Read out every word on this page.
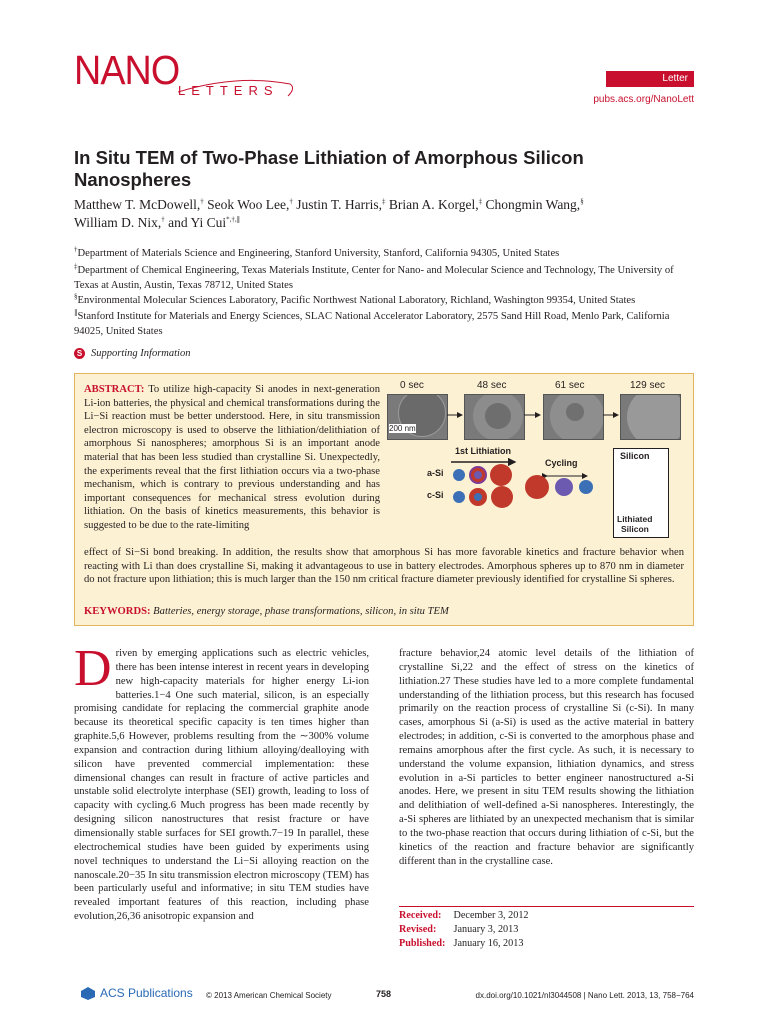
NANO
LETTERS
Letter
pubs.acs.org/NanoLett
In Situ TEM of Two-Phase Lithiation of Amorphous Silicon Nanospheres
Matthew T. McDowell,† Seok Woo Lee,† Justin T. Harris,‡ Brian A. Korgel,‡ Chongmin Wang,§
William D. Nix,† and Yi Cui*,†,∥
†Department of Materials Science and Engineering, Stanford University, Stanford, California 94305, United States
‡Department of Chemical Engineering, Texas Materials Institute, Center for Nano- and Molecular Science and Technology, The University of Texas at Austin, Austin, Texas 78712, United States
§Environmental Molecular Sciences Laboratory, Pacific Northwest National Laboratory, Richland, Washington 99354, United States
∥Stanford Institute for Materials and Energy Sciences, SLAC National Accelerator Laboratory, 2575 Sand Hill Road, Menlo Park, California 94025, United States
S Supporting Information
ABSTRACT: To utilize high-capacity Si anodes in next-generation Li-ion batteries, the physical and chemical transformations during the Li−Si reaction must be better understood. Here, in situ transmission electron microscopy is used to observe the lithiation/delithiation of amorphous Si nanospheres; amorphous Si is an important anode material that has been less studied than crystalline Si. Unexpectedly, the experiments reveal that the first lithiation occurs via a two-phase mechanism, which is contrary to previous understanding and has important consequences for mechanical stress evolution during lithiation. On the basis of kinetics measurements, this behavior is suggested to be due to the rate-limiting
effect of Si−Si bond breaking. In addition, the results show that amorphous Si has more favorable kinetics and fracture behavior when reacting with Li than does crystalline Si, making it advantageous to use in battery electrodes. Amorphous spheres up to 870 nm in diameter do not fracture upon lithiation; this is much larger than the 150 nm critical fracture diameter previously identified for crystalline Si spheres.
0 sec	48 sec	61 sec	129 sec
200 nm
1st Lithiation
Cycling
a-Si
c-Si
Silicon
Lithiated
Silicon
KEYWORDS: Batteries, energy storage, phase transformations, silicon, in situ TEM
Driven by emerging applications such as electric vehicles, there has been intense interest in recent years in developing new high-capacity materials for higher energy Li-ion batteries.1−4 One such material, silicon, is an especially promising candidate for replacing the commercial graphite anode because its theoretical specific capacity is ten times higher than graphite.5,6 However, problems resulting from the ∼300% volume expansion and contraction during lithium alloying/dealloying with silicon have prevented commercial implementation: these dimensional changes can result in fracture of active particles and unstable solid electrolyte interphase (SEI) growth, leading to loss of capacity with cycling.6 Much progress has been made recently by designing silicon nanostructures that resist fracture or have dimensionally stable surfaces for SEI growth.7−19 In parallel, these electrochemical studies have been guided by experiments using novel techniques to understand the Li−Si alloying reaction on the nanoscale.20−35 In situ transmission electron microscopy (TEM) has been particularly useful and informative; in situ TEM studies have revealed important features of this reaction, including phase evolution,26,36 anisotropic expansion and
fracture behavior,24 atomic level details of the lithiation of crystalline Si,22 and the effect of stress on the kinetics of lithiation.27 These studies have led to a more complete fundamental understanding of the lithiation process, but this research has focused primarily on the reaction process of crystalline Si (c-Si). In many cases, amorphous Si (a-Si) is used as the active material in battery electrodes; in addition, c-Si is converted to the amorphous phase and remains amorphous after the first cycle. As such, it is necessary to understand the volume expansion, lithiation dynamics, and stress evolution in a-Si particles to better engineer nanostructured a-Si anodes. Here, we present in situ TEM results showing the lithiation and delithiation of well-defined a-Si nanospheres. Interestingly, the a-Si spheres are lithiated by an unexpected mechanism that is similar to the two-phase reaction that occurs during lithiation of c-Si, but the kinetics of the reaction and fracture behavior are significantly different than in the crystalline case.
Received: December 3, 2012
Revised: January 3, 2013
Published: January 16, 2013
ACS Publications © 2013 American Chemical Society	758	dx.doi.org/10.1021/nl3044508 | Nano Lett. 2013, 13, 758−764
